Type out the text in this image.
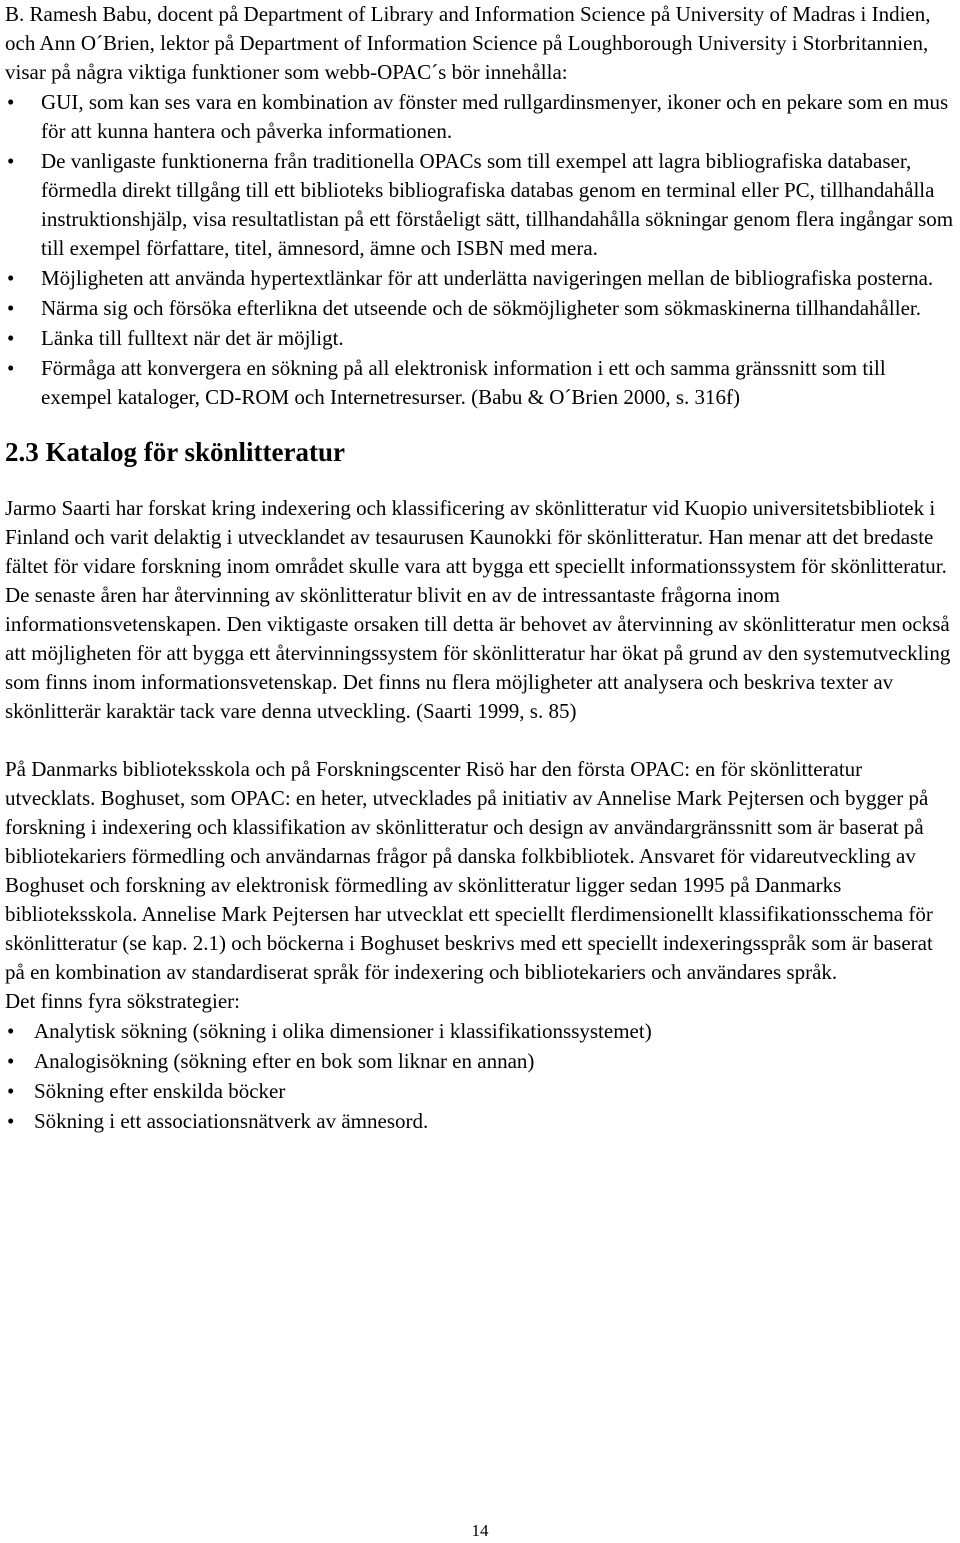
B. Ramesh Babu, docent på Department of Library and Information Science på University of Madras i Indien, och Ann O´Brien, lektor på Department of Information Science på Loughborough University i Storbritannien, visar på några viktiga funktioner som webb-OPAC´s bör innehålla:

• GUI, som kan ses vara en kombination av fönster med rullgardinsmenyer, ikoner och en pekare som en mus för att kunna hantera och påverka informationen.
• De vanligaste funktionerna från traditionella OPACs som till exempel att lagra bibliografiska databaser, förmedla direkt tillgång till ett biblioteks bibliografiska databas genom en terminal eller PC, tillhandahålla instruktionshjälp, visa resultatlistan på ett förståeligt sätt, tillhandahålla sökningar genom flera ingångar som till exempel författare, titel, ämnesord, ämne och ISBN med mera.
• Möjligheten att använda hypertextlänkar för att underlätta navigeringen mellan de bibliografiska posterna.
• Närma sig och försöka efterlikna det utseende och de sökmöjligheter som sökmaskinerna tillhandahåller.
• Länka till fulltext när det är möjligt.
• Förmåga att konvergera en sökning på all elektronisk information i ett och samma gränssnitt som till exempel kataloger, CD-ROM och Internetresurser. (Babu & O´Brien 2000, s. 316f)
2.3 Katalog för skönlitteratur

Jarmo Saarti har forskat kring indexering och klassificering av skönlitteratur vid Kuopio universitetsbibliotek i Finland och varit delaktig i utvecklandet av tesaurusen Kaunokki för skönlitteratur. Han menar att det bredaste fältet för vidare forskning inom området skulle vara att bygga ett speciellt informationssystem för skönlitteratur. De senaste åren har återvinning av skönlitteratur blivit en av de intressantaste frågorna inom informationsvetenskapen. Den viktigaste orsaken till detta är behovet av återvinning av skönlitteratur men också att möjligheten för att bygga ett återvinningssystem för skönlitteratur har ökat på grund av den systemutveckling som finns inom informationsvetenskap. Det finns nu flera möjligheter att analysera och beskriva texter av skönlitterär karaktär tack vare denna utveckling. (Saarti 1999, s. 85)

På Danmarks biblioteksskola och på Forskningscenter Risö har den första OPAC: en för skönlitteratur utvecklats. Boghuset, som OPAC: en heter, utvecklades på initiativ av Annelise Mark Pejtersen och bygger på forskning i indexering och klassifikation av skönlitteratur och design av användargränssnitt som är baserat på bibliotekariers förmedling och användarnas frågor på danska folkbibliotek. Ansvaret för vidareutveckling av Boghuset och forskning av elektronisk förmedling av skönlitteratur ligger sedan 1995 på Danmarks biblioteksskola. Annelise Mark Pejtersen har utvecklat ett speciellt flerdimensionellt klassifikationsschema för skönlitteratur (se kap. 2.1) och böckerna i Boghuset beskrivs med ett speciellt indexeringsspråk som är baserat på en kombination av standardiserat språk för indexering och bibliotekariers och användares språk.

Det finns fyra sökstrategier:

• Analytisk sökning (sökning i olika dimensioner i klassifikationssystemet)
• Analogisökning (sökning efter en bok som liknar en annan)
• Sökning efter enskilda böcker
• Sökning i ett associationsnätverk av ämnesord.
14
